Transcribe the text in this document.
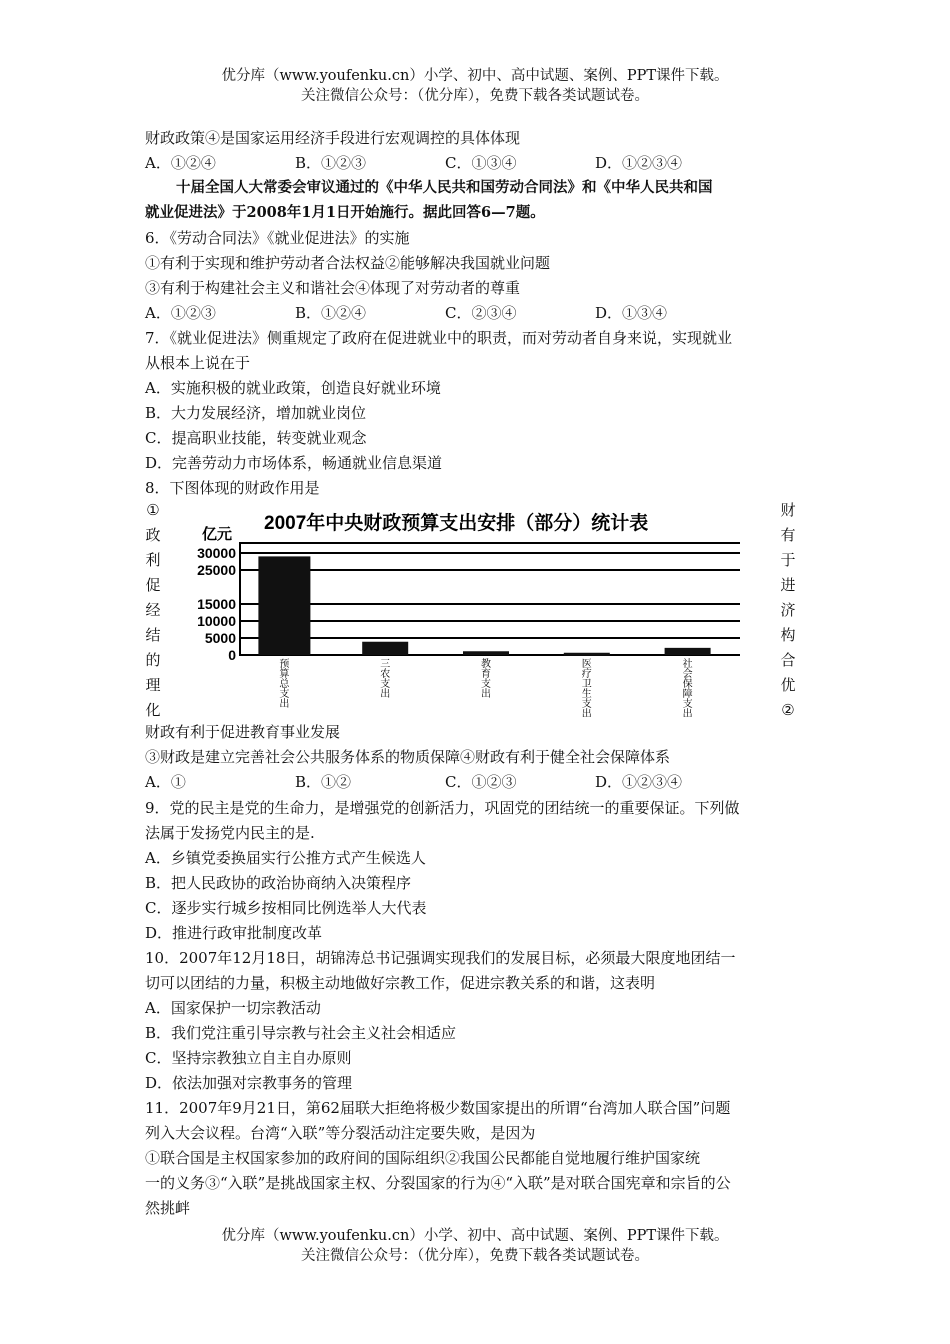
优分库（www.youfenku.cn）小学、初中、高中试题、案例、PPT课件下载。
关注微信公众号：（优分库），免费下载各类试题试卷。
财政政策④是国家运用经济手段进行宏观调控的具体体现
A．①②④	B．①②③	C．①③④	D．①②③④
十届全国人大常委会审议通过的《中华人民共和国劳动合同法》和《中华人民共和国
就业促进法》于2008年1月1日开始施行。据此回答6—7题。
6．《劳动合同法》《就业促进法》的实施
①有利于实现和维护劳动者合法权益②能够解决我国就业问题
③有利于构建社会主义和谐社会④体现了对劳动者的尊重
A．①②③	B．①②④	C．②③④	D．①③④
7．《就业促进法》侧重规定了政府在促进就业中的职责，而对劳动者自身来说，实现就业
从根本上说在于
A．实施积极的就业政策，创造良好就业环境
B．大力发展经济，增加就业岗位
C．提高职业技能，转变就业观念
D．完善劳动力市场体系，畅通就业信息渠道
8．下图体现的财政作用是
①
政
利
促
经
结
的
理
化
财
有
于
进
济
构
合
优
②
2007年中央财政预算支出安排（部分）统计表
亿元
0
5000
10000
15000
25000
30000
预算总支出
三农支出
教育支出
医疗卫生支出
社会保障支出
财政有利于促进教育事业发展
③财政是建立完善社会公共服务体系的物质保障④财政有利于健全社会保障体系
A．①	B．①②	C．①②③	D．①②③④
9．党的民主是党的生命力，是增强党的创新活力，巩固党的团结统一的重要保证。下列做
法属于发扬党内民主的是.
A．乡镇党委换届实行公推方式产生候选人
B．把人民政协的政治协商纳入决策程序
C．逐步实行城乡按相同比例选举人大代表
D．推进行政审批制度改革
10．2007年12月18日，胡锦涛总书记强调实现我们的发展目标，必须最大限度地团结一
切可以团结的力量，积极主动地做好宗教工作，促进宗教关系的和谐，这表明
A．国家保护一切宗教活动
B．我们党注重引导宗教与社会主义社会相适应
C．坚持宗教独立自主自办原则
D．依法加强对宗教事务的管理
11．2007年9月21日，第62届联大拒绝将极少数国家提出的所谓“台湾加人联合国”问题
列入大会议程。台湾“入联”等分裂活动注定要失败，是因为
①联合国是主权国家参加的政府间的国际组织②我国公民都能自觉地履行维护国家统
一的义务③“入联”是挑战国家主权、分裂国家的行为④“入联”是对联合国宪章和宗旨的公
然挑衅
优分库（www.youfenku.cn）小学、初中、高中试题、案例、PPT课件下载。
关注微信公众号：（优分库），免费下载各类试题试卷。
